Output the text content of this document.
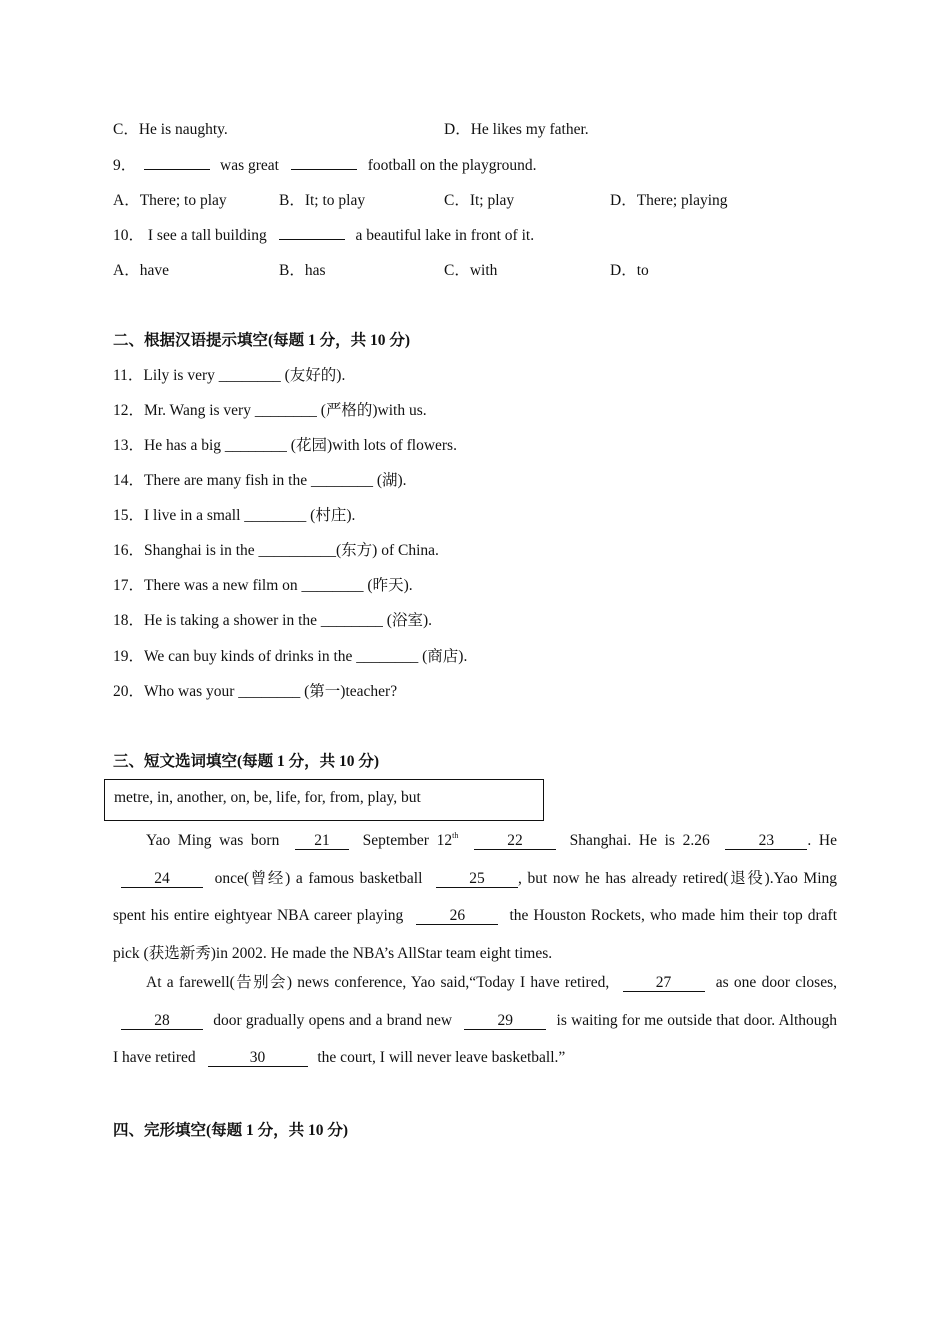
C．He is naughty.	D．He likes my father.
9．	was great	football on the playground.
A．There; to play	B．It; to play	C．It; play	D．There; playing
10． I see a tall building	a beautiful lake in front of it.
A．have	B．has	C．with	D．to
二、根据汉语提示填空(每题 1 分，共 10 分)
11．Lily is very ________ (友好的).
12．Mr. Wang is very ________ (严格的)with us.
13．He has a big ________ (花园)with lots of flowers.
14．There are many fish in the ________ (湖).
15．I live in a small ________ (村庄).
16．Shanghai is in the __________(东方) of China.
17．There was a new film on ________ (昨天).
18．He is taking a shower in the ________ (浴室).
19．We can buy kinds of drinks in the ________ (商店).
20．Who was your ________ (第一)teacher?
三、短文选词填空(每题 1 分，共 10 分)
metre, in, another, on, be, life, for, from, play, but
Yao Ming was born 21 September 12th	22	Shanghai. He is 2.26	23 . He 24	once(曾经) a famous basketball	25 , but now he has already retired(退役).Yao Ming spent his entire eightyear NBA career playing	26	the Houston Rockets, who made him their top draft pick (获选新秀)in 2002. He made the NBA’s AllStar team eight times.
At a farewell(告别会) news conference, Yao said,“Today I have retired,	27	as one door closes, 28	door gradually opens and a brand new	29	is waiting for me outside that door. Although I have retired	30	the court, I will never leave basketball.”
四、完形填空(每题 1 分，共 10 分)
